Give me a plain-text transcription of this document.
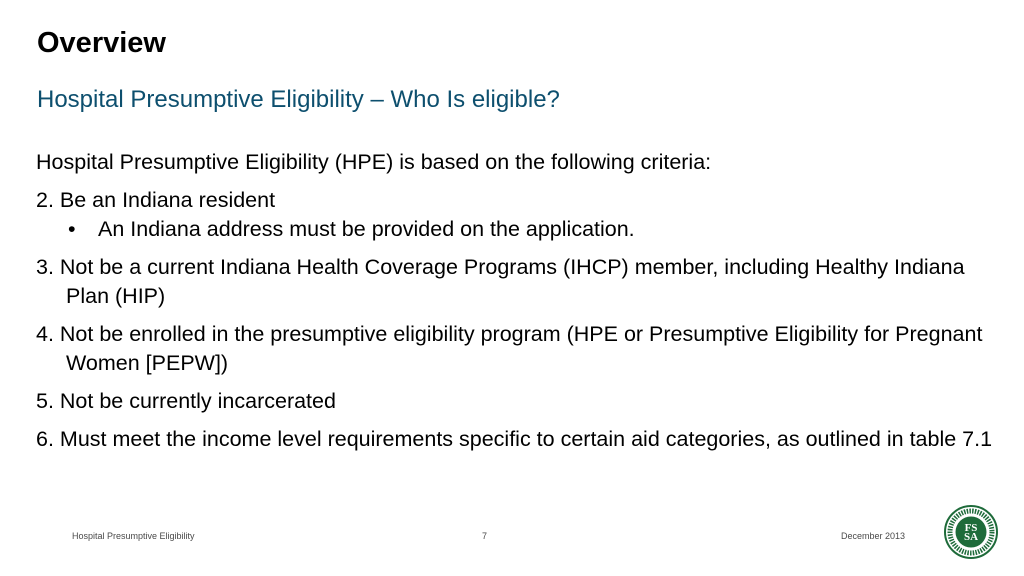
Overview
Hospital Presumptive Eligibility – Who Is eligible?
Hospital Presumptive Eligibility (HPE) is based on the following criteria:
2. Be an Indiana resident
•	An Indiana address must be provided on the application.
3. Not be a current Indiana Health Coverage Programs (IHCP) member, including Healthy Indiana Plan (HIP)
4. Not be enrolled in the presumptive eligibility program (HPE or Presumptive Eligibility for Pregnant Women [PEPW])
5. Not be currently incarcerated
6. Must meet the income level requirements specific to certain aid categories, as outlined in table 7.1
Hospital Presumptive Eligibility	7	December 2013
FS
SA
